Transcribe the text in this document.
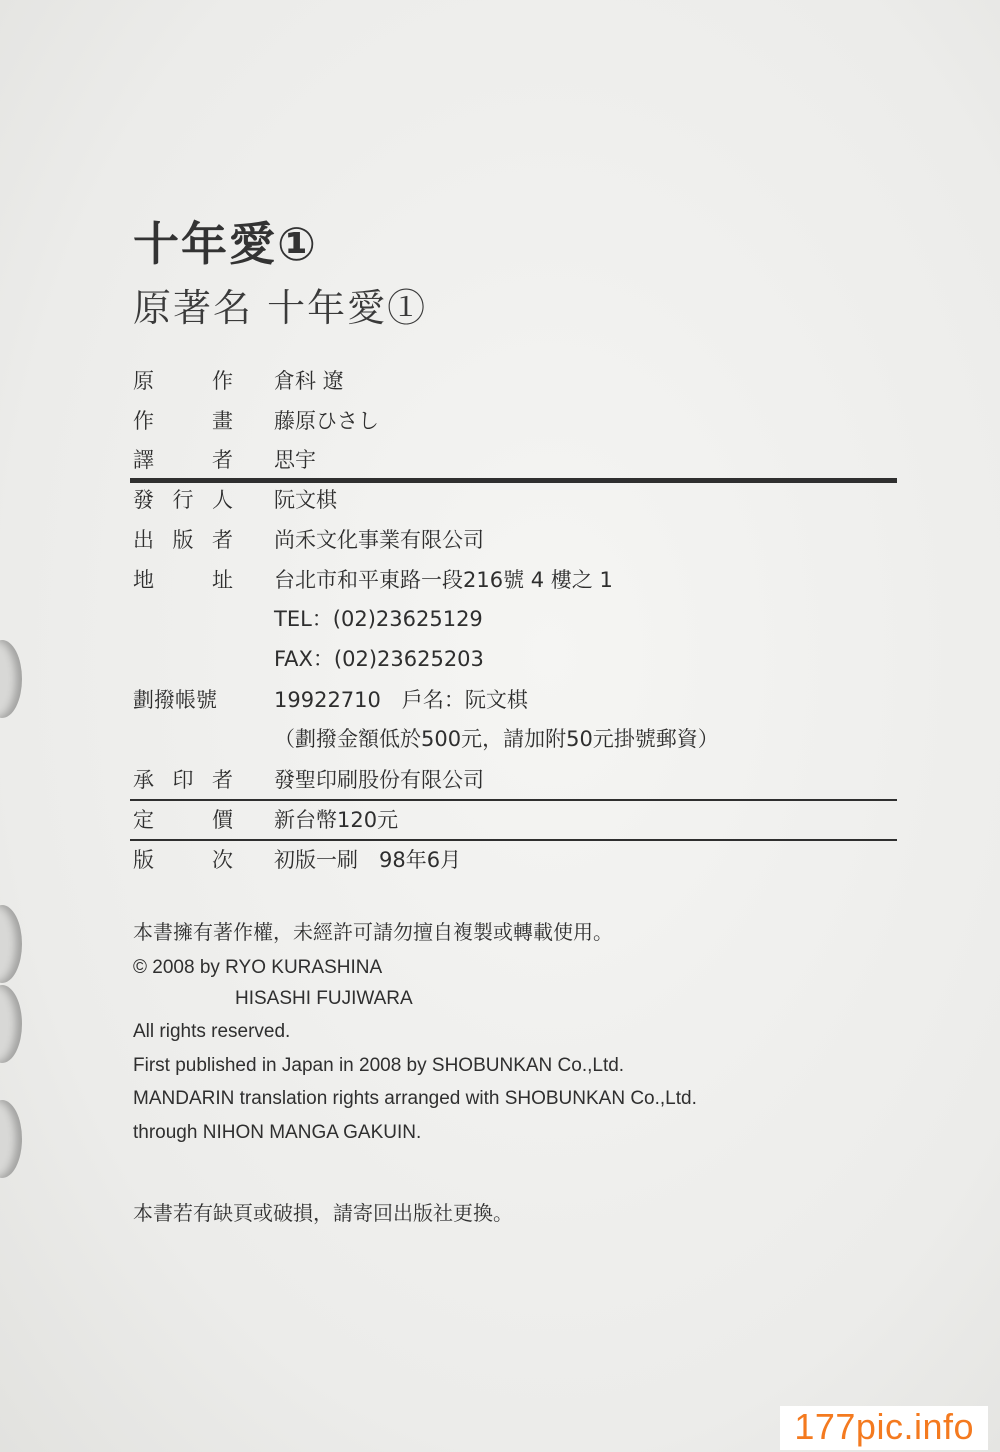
十年愛①
原著名 十年愛①
原	作 倉科 遼
作	畫 藤原ひさし
譯	者 思宇
發 行 人 阮文棋
出 版 者 尚禾文化事業有限公司
地	址 台北市和平東路一段216號 4 樓之 1
TEL：(02)23625129
FAX：(02)23625203
劃撥帳號	19922710　戶名：阮文棋
（劃撥金額低於500元，請加附50元掛號郵資）
承 印 者 發聖印刷股份有限公司
定	價 新台幣120元
版	次 初版一刷　98年6月
本書擁有著作權，未經許可請勿擅自複製或轉載使用。
© 2008 by RYO KURASHINA
HISASHI FUJIWARA
All rights reserved.
First published in Japan in 2008 by SHOBUNKAN Co.,Ltd.
MANDARIN translation rights arranged with SHOBUNKAN Co.,Ltd.
through NIHON MANGA GAKUIN.
本書若有缺頁或破損，請寄回出版社更換。
177pic.info
